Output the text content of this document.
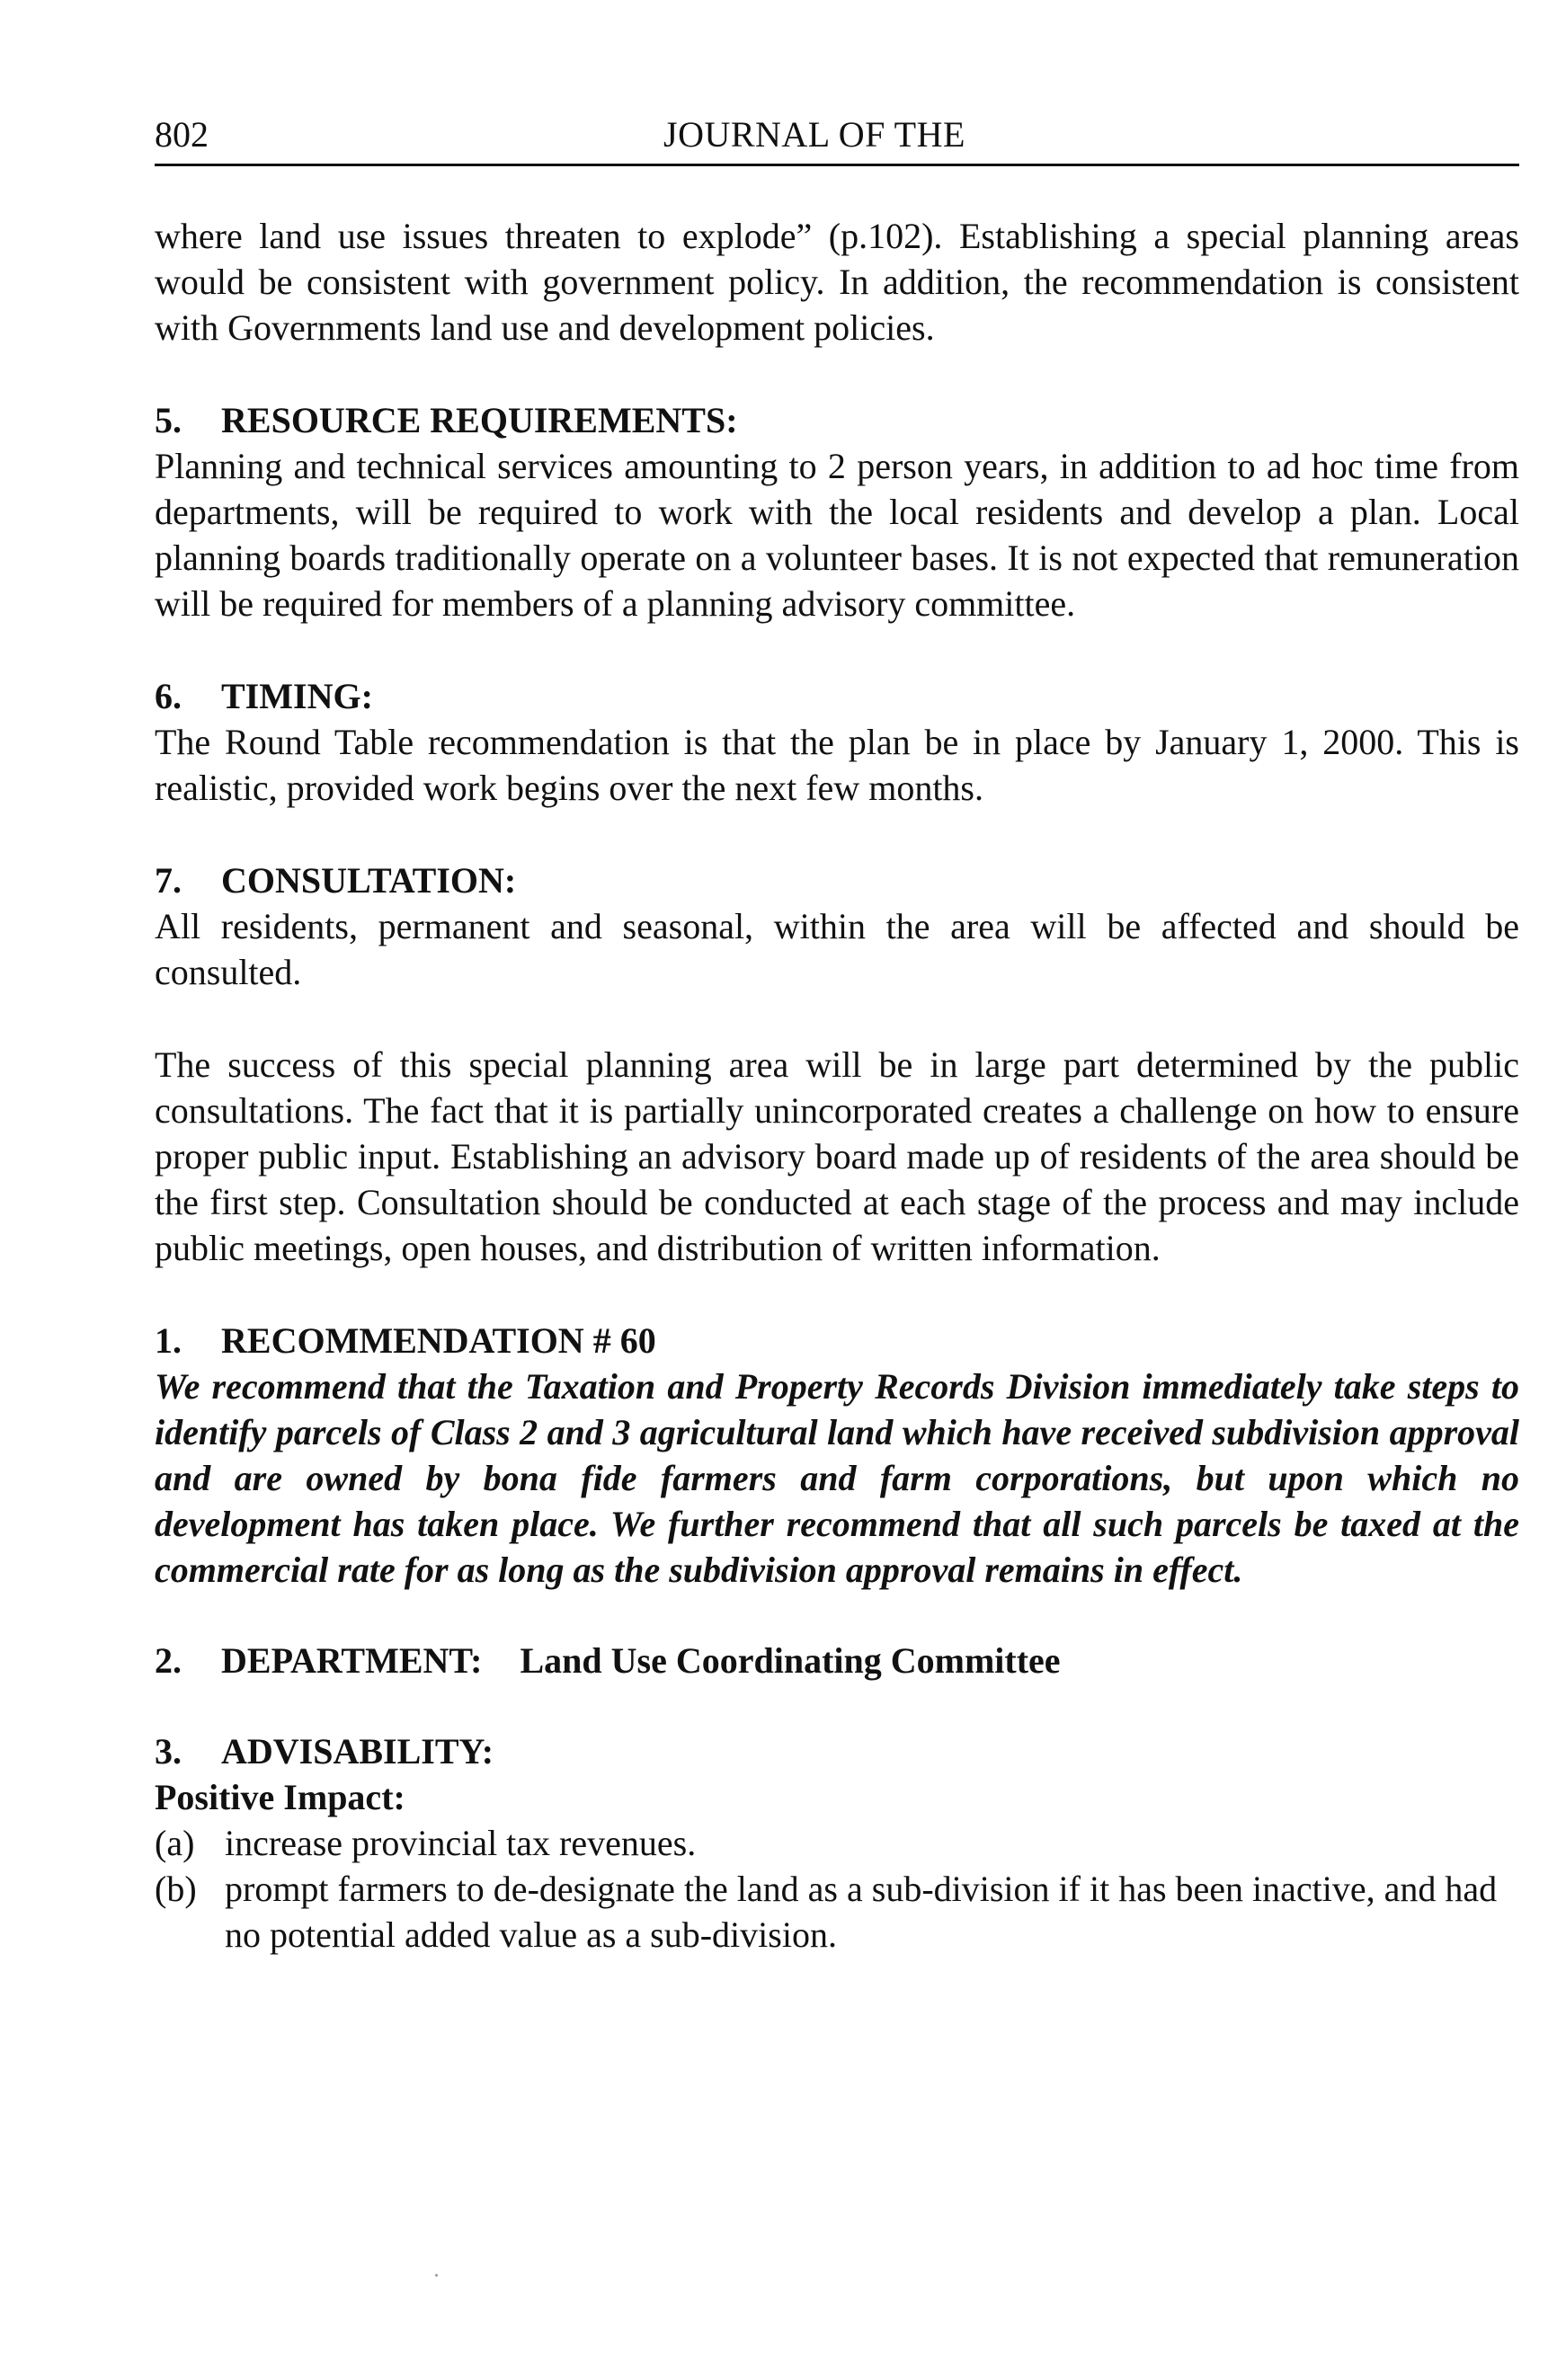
802	JOURNAL OF THE

where land use issues threaten to explode” (p.102). Establishing a special planning areas would be consistent with government policy. In addition, the recommendation is consistent with Governments land use and development policies.

5. RESOURCE REQUIREMENTS:

Planning and technical services amounting to 2 person years, in addition to ad hoc time from departments, will be required to work with the local residents and develop a plan. Local planning boards traditionally operate on a volunteer bases. It is not expected that remuneration will be required for members of a planning advisory committee.

6. TIMING:

The Round Table recommendation is that the plan be in place by January 1, 2000. This is realistic, provided work begins over the next few months.

7. CONSULTATION:

All residents, permanent and seasonal, within the area will be affected and should be consulted.

The success of this special planning area will be in large part determined by the public consultations. The fact that it is partially unincorporated creates a challenge on how to ensure proper public input. Establishing an advisory board made up of residents of the area should be the first step. Consultation should be conducted at each stage of the process and may include public meetings, open houses, and distribution of written information.

1. RECOMMENDATION # 60

We recommend that the Taxation and Property Records Division immediately take steps to identify parcels of Class 2 and 3 agricultural land which have received subdivision approval and are owned by bona fide farmers and farm corporations, but upon which no development has taken place. We further recommend that all such parcels be taxed at the commercial rate for as long as the subdivision approval remains in effect.

2. DEPARTMENT: Land Use Coordinating Committee

3. ADVISABILITY:

Positive Impact:

(a) increase provincial tax revenues.
(b) prompt farmers to de-designate the land as a sub-division if it has been inactive, and had no potential added value as a sub-division.
